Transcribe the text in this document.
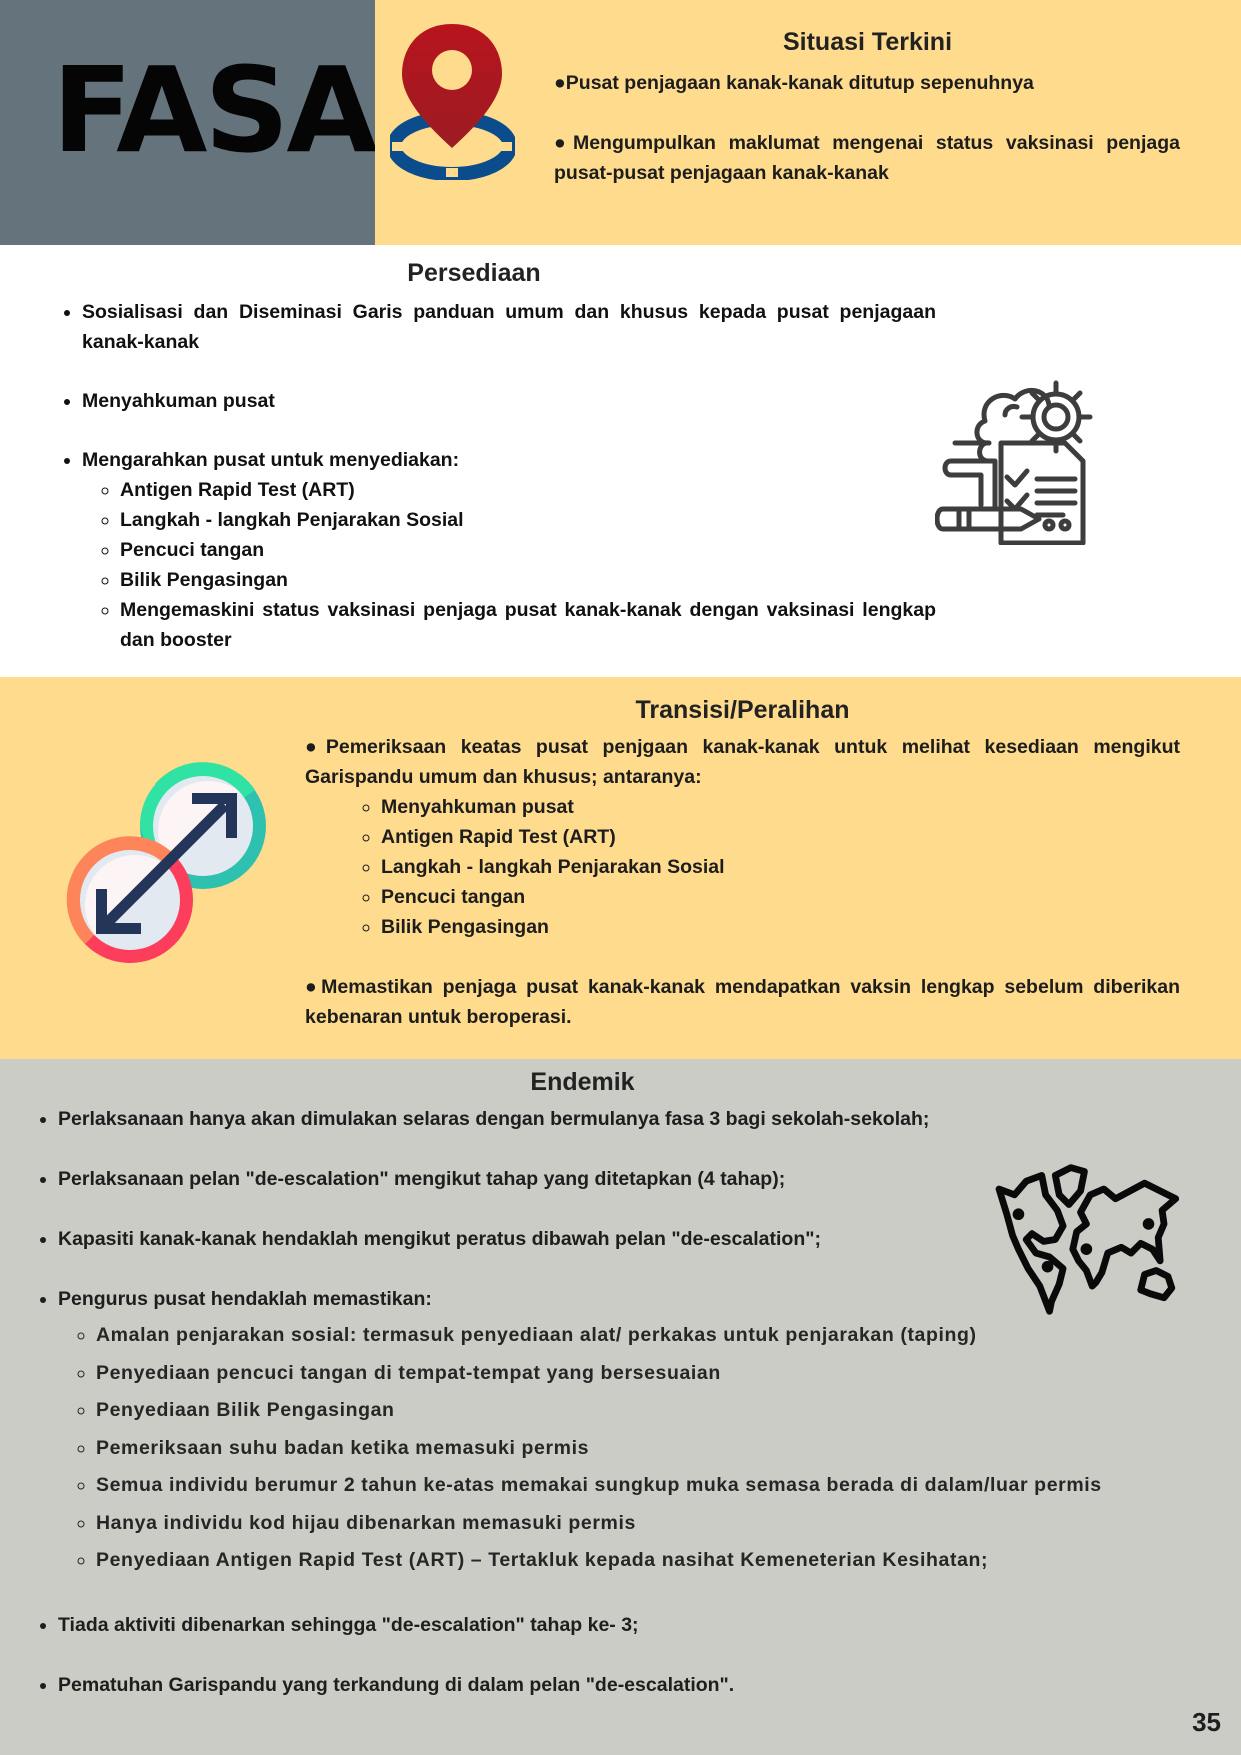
FASA	Situasi Terkini

●Pusat penjagaan kanak-kanak ditutup sepenuhnya

●Mengumpulkan maklumat mengenai status vaksinasi penjaga pusat-pusat penjagaan kanak-kanak

Persediaan
• Sosialisasi dan Diseminasi Garis panduan umum dan khusus kepada pusat penjagaan kanak-kanak
• Menyahkuman pusat
• Mengarahkan pusat untuk menyediakan:
◦ Antigen Rapid Test (ART)
◦ Langkah - langkah Penjarakan Sosial
◦ Pencuci tangan
◦ Bilik Pengasingan
◦ Mengemaskini status vaksinasi penjaga pusat kanak-kanak dengan vaksinasi lengkap dan booster
Transisi/Peralihan

●Pemeriksaan keatas pusat penjgaan kanak-kanak untuk melihat kesediaan mengikut Garispandu umum dan khusus; antaranya:

◦ Menyahkuman pusat
◦ Antigen Rapid Test (ART)
◦ Langkah - langkah Penjarakan Sosial
◦ Pencuci tangan
◦ Bilik Pengasingan

●Memastikan penjaga pusat kanak-kanak mendapatkan vaksin lengkap sebelum diberikan kebenaran untuk beroperasi.

Endemik
• Perlaksanaan hanya akan dimulakan selaras dengan bermulanya fasa 3 bagi sekolah-sekolah;
• Perlaksanaan pelan "de-escalation" mengikut tahap yang ditetapkan (4 tahap);
• Kapasiti kanak-kanak hendaklah mengikut peratus dibawah pelan "de-escalation";
• Pengurus pusat hendaklah memastikan:
◦ Amalan penjarakan sosial: termasuk penyediaan alat/ perkakas untuk penjarakan (taping)
◦ Penyediaan pencuci tangan di tempat-tempat yang bersesuaian
◦ Penyediaan Bilik Pengasingan
◦ Pemeriksaan suhu badan ketika memasuki permis
◦ Semua individu berumur 2 tahun ke-atas memakai sungkup muka semasa berada di dalam/luar permis
◦ Hanya individu kod hijau dibenarkan memasuki permis
◦ Penyediaan Antigen Rapid Test (ART) – Tertakluk kepada nasihat Kemeneterian Kesihatan;
• Tiada aktiviti dibenarkan sehingga "de-escalation" tahap ke- 3;
• Pematuhan Garispandu yang terkandung di dalam pelan "de-escalation".
35
